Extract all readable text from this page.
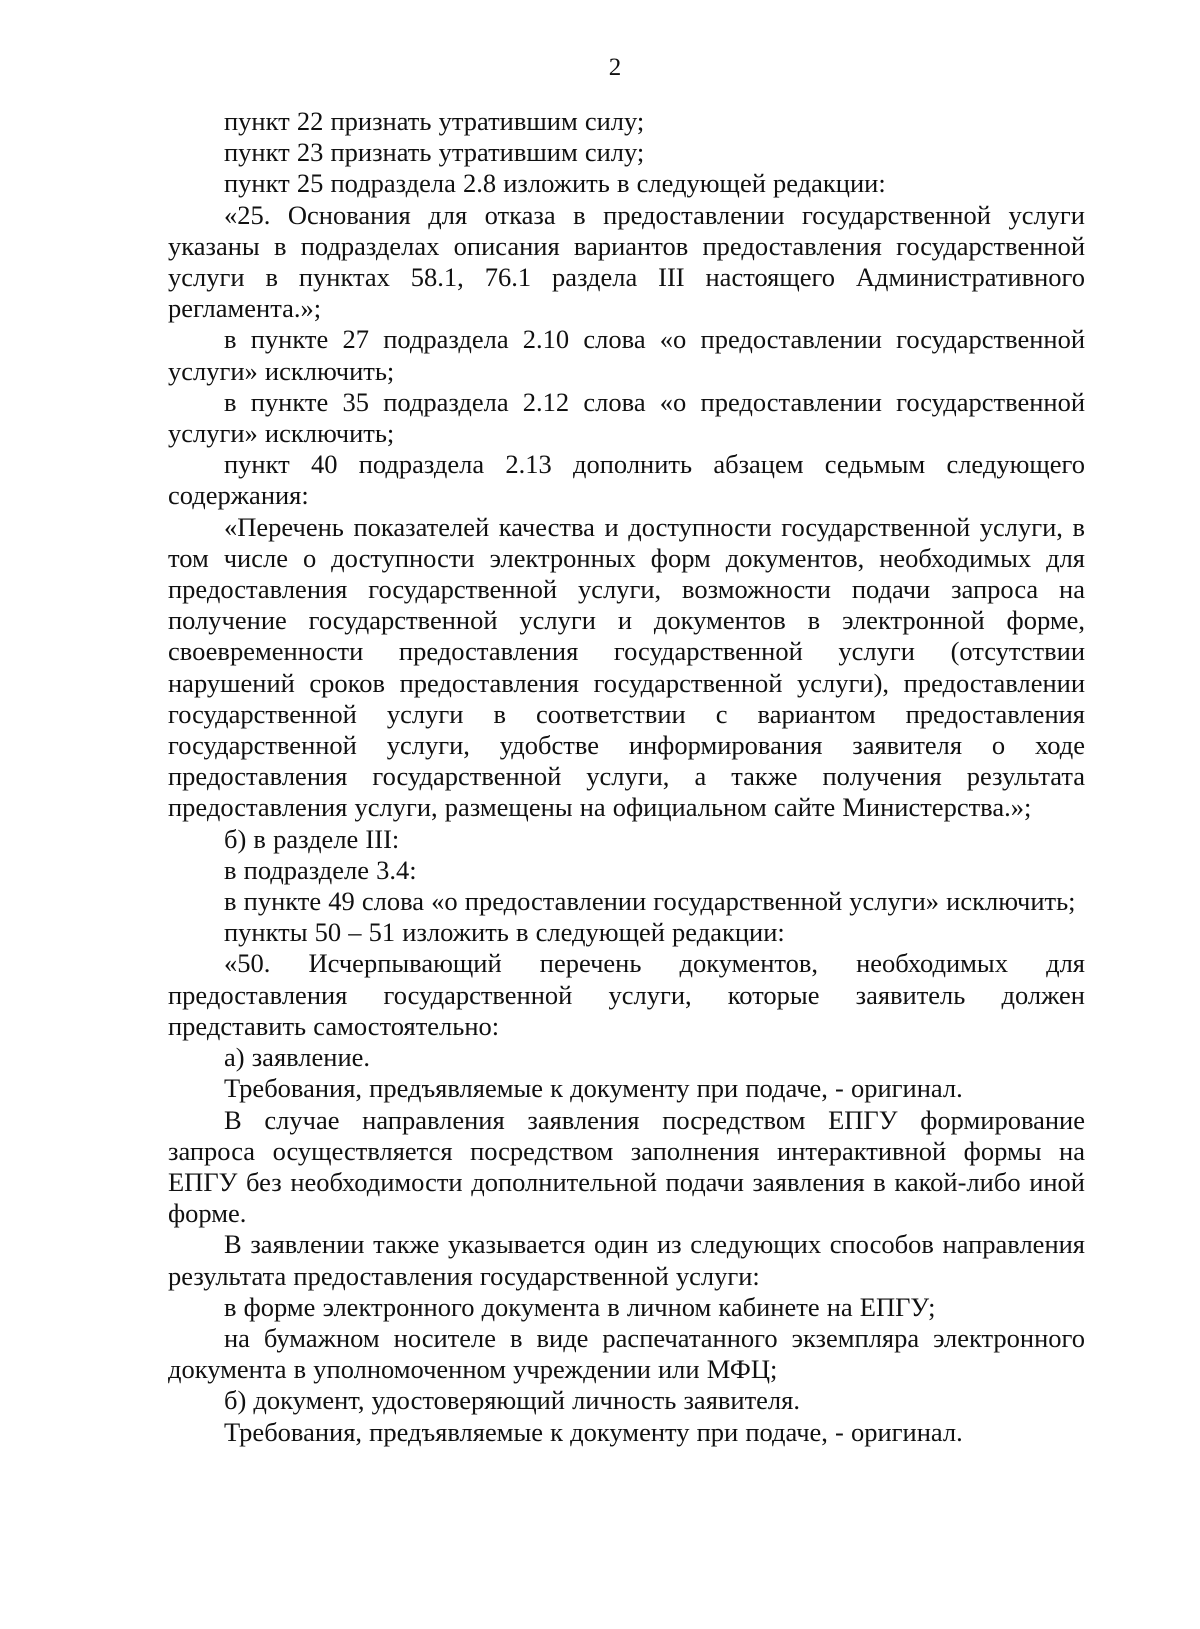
2

пункт 22 признать утратившим силу;

пункт 23 признать утратившим силу;

пункт 25 подраздела 2.8 изложить в следующей редакции:

«25. Основания для отказа в предоставлении государственной услуги указаны в подразделах описания вариантов предоставления государственной услуги в пунктах 58.1, 76.1 раздела III настоящего Административного регламента.»;

в пункте 27 подраздела 2.10 слова «о предоставлении государственной услуги» исключить;

в пункте 35 подраздела 2.12 слова «о предоставлении государственной услуги» исключить;

пункт 40 подраздела 2.13 дополнить абзацем седьмым следующего содержания:

«Перечень показателей качества и доступности государственной услуги, в том числе о доступности электронных форм документов, необходимых для предоставления государственной услуги, возможности подачи запроса на получение государственной услуги и документов в электронной форме, своевременности предоставления государственной услуги (отсутствии нарушений сроков предоставления государственной услуги), предоставлении государственной услуги в соответствии с вариантом предоставления государственной услуги, удобстве информирования заявителя о ходе предоставления государственной услуги, а также получения результата предоставления услуги, размещены на официальном сайте Министерства.»;

б) в разделе III:

в подразделе 3.4:

в пункте 49 слова «о предоставлении государственной услуги» исключить;

пункты 50 – 51 изложить в следующей редакции:

«50. Исчерпывающий перечень документов, необходимых для предоставления государственной услуги, которые заявитель должен представить самостоятельно:

а) заявление.

Требования, предъявляемые к документу при подаче, - оригинал.

В случае направления заявления посредством ЕПГУ формирование запроса осуществляется посредством заполнения интерактивной формы на ЕПГУ без необходимости дополнительной подачи заявления в какой-либо иной форме.

В заявлении также указывается один из следующих способов направления результата предоставления государственной услуги:

в форме электронного документа в личном кабинете на ЕПГУ;

на бумажном носителе в виде распечатанного экземпляра электронного документа в уполномоченном учреждении или МФЦ;

б) документ, удостоверяющий личность заявителя.

Требования, предъявляемые к документу при подаче, - оригинал.
